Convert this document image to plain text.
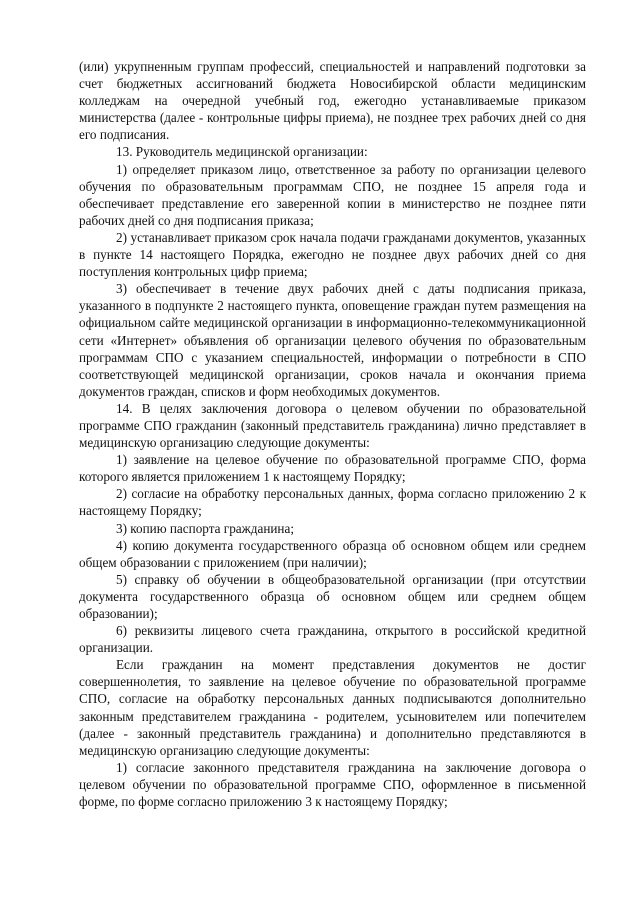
(или) укрупненным группам профессий, специальностей и направлений подготовки за счет бюджетных ассигнований бюджета Новосибирской области медицинским колледжам на очередной учебный год, ежегодно устанавливаемые приказом министерства (далее - контрольные цифры приема), не позднее трех рабочих дней со дня его подписания.

13. Руководитель медицинской организации:

1) определяет приказом лицо, ответственное за работу по организации целевого обучения по образовательным программам СПО, не позднее 15 апреля года и обеспечивает представление его заверенной копии в министерство не позднее пяти рабочих дней со дня подписания приказа;

2) устанавливает приказом срок начала подачи гражданами документов, указанных в пункте 14 настоящего Порядка, ежегодно не позднее двух рабочих дней со дня поступления контрольных цифр приема;

3) обеспечивает в течение двух рабочих дней с даты подписания приказа, указанного в подпункте 2 настоящего пункта, оповещение граждан путем размещения на официальном сайте медицинской организации в информационно-телекоммуникационной сети «Интернет» объявления об организации целевого обучения по образовательным программам СПО с указанием специальностей, информации о потребности в СПО соответствующей медицинской организации, сроков начала и окончания приема документов граждан, списков и форм необходимых документов.

14. В целях заключения договора о целевом обучении по образовательной программе СПО гражданин (законный представитель гражданина) лично представляет в медицинскую организацию следующие документы:

1) заявление на целевое обучение по образовательной программе СПО, форма которого является приложением 1 к настоящему Порядку;

2) согласие на обработку персональных данных, форма согласно приложению 2 к настоящему Порядку;

3) копию паспорта гражданина;

4) копию документа государственного образца об основном общем или среднем общем образовании с приложением (при наличии);

5) справку об обучении в общеобразовательной организации (при отсутствии документа государственного образца об основном общем или среднем общем образовании);

6) реквизиты лицевого счета гражданина, открытого в российской кредитной организации.

Если гражданин на момент представления документов не достиг совершеннолетия, то заявление на целевое обучение по образовательной программе СПО, согласие на обработку персональных данных подписываются дополнительно законным представителем гражданина - родителем, усыновителем или попечителем (далее - законный представитель гражданина) и дополнительно представляются в медицинскую организацию следующие документы:

1) согласие законного представителя гражданина на заключение договора о целевом обучении по образовательной программе СПО, оформленное в письменной форме, по форме согласно приложению 3 к настоящему Порядку;
